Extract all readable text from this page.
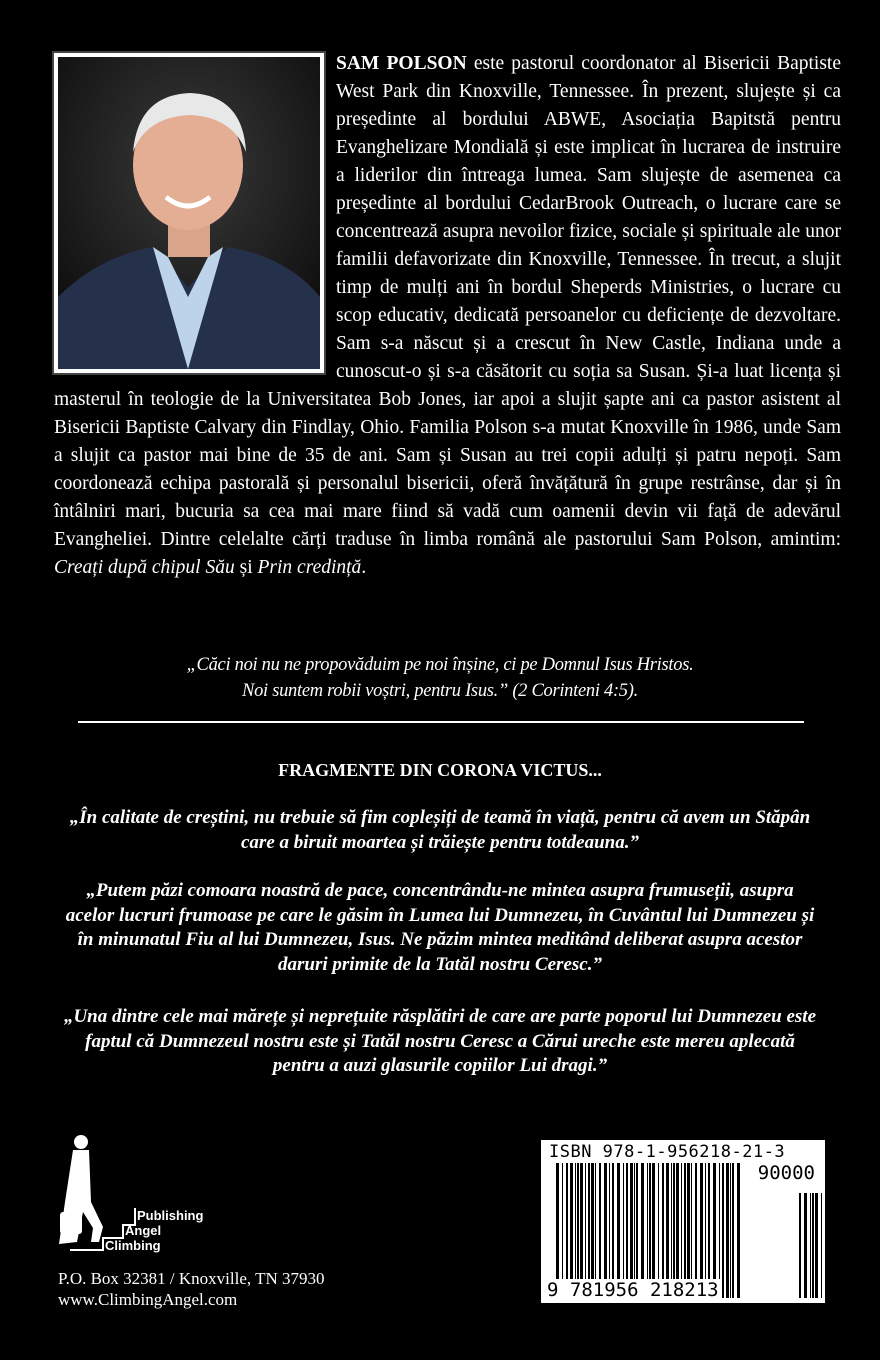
SAM POLSON este pastorul coordonator al Bisericii Baptiste West Park din Knoxville, Tennessee. În prezent, slujește și ca președinte al bordului ABWE, Asociația Bapitstă pentru Evanghelizare Mondială și este implicat în lucrarea de instruire a liderilor din întreaga lumea. Sam slujește de asemenea ca președinte al bordului CedarBrook Outreach, o lucrare care se concentrează asupra nevoilor fizice, sociale și spirituale ale unor familii defavorizate din Knoxville, Tennessee. În trecut, a slujit timp de mulți ani în bordul Sheperds Ministries, o lucrare cu scop educativ, dedicată persoanelor cu deficiențe de dezvoltare. Sam s-a născut și a crescut în New Castle, Indiana unde a cunoscut-o și s-a căsătorit cu soția sa Susan. Și-a luat licența și masterul în teologie de la Universitatea Bob Jones, iar apoi a slujit șapte ani ca pastor asistent al Bisericii Baptiste Calvary din Findlay, Ohio. Familia Polson s-a mutat Knoxville în 1986, unde Sam a slujit ca pastor mai bine de 35 de ani. Sam și Susan au trei copii adulți și patru nepoți. Sam coordonează echipa pastorală și personalul bisericii, oferă învățătură în grupe restrânse, dar și în întâlniri mari, bucuria sa cea mai mare fiind să vadă cum oamenii devin vii față de adevărul Evangheliei. Dintre celelalte cărți traduse în limba română ale pastorului Sam Polson, amintim: Creați după chipul Său și Prin credință.
„Căci noi nu ne propovăduim pe noi înșine, ci pe Domnul Isus Hristos.
Noi suntem robii voștri, pentru Isus.” (2 Corinteni 4:5).
FRAGMENTE DIN CORONA VICTUS...
„În calitate de creștini, nu trebuie să fim copleșiți de teamă în viață, pentru că avem un Stăpân care a biruit moartea și trăiește pentru totdeauna.”
„Putem păzi comoara noastră de pace, concentrându-ne mintea asupra frumuseții, asupra acelor lucruri frumoase pe care le găsim în Lumea lui Dumnezeu, în Cuvântul lui Dumnezeu și în minunatul Fiu al lui Dumnezeu, Isus. Ne păzim mintea meditând deliberat asupra acestor daruri primite de la Tatăl nostru Ceresc.”
„Una dintre cele mai mărețe și neprețuite răsplătiri de care are parte poporul lui Dumnezeu este faptul că Dumnezeul nostru este și Tatăl nostru Ceresc a Cărui ureche este mereu aplecată pentru a auzi glasurile copiilor Lui dragi.”
Publishing
Angel
Climbing
P.O. Box 32381 / Knoxville, TN 37930
www.ClimbingAngel.com
ISBN 978-1-956218-21-3
90000
9 781956 218213
